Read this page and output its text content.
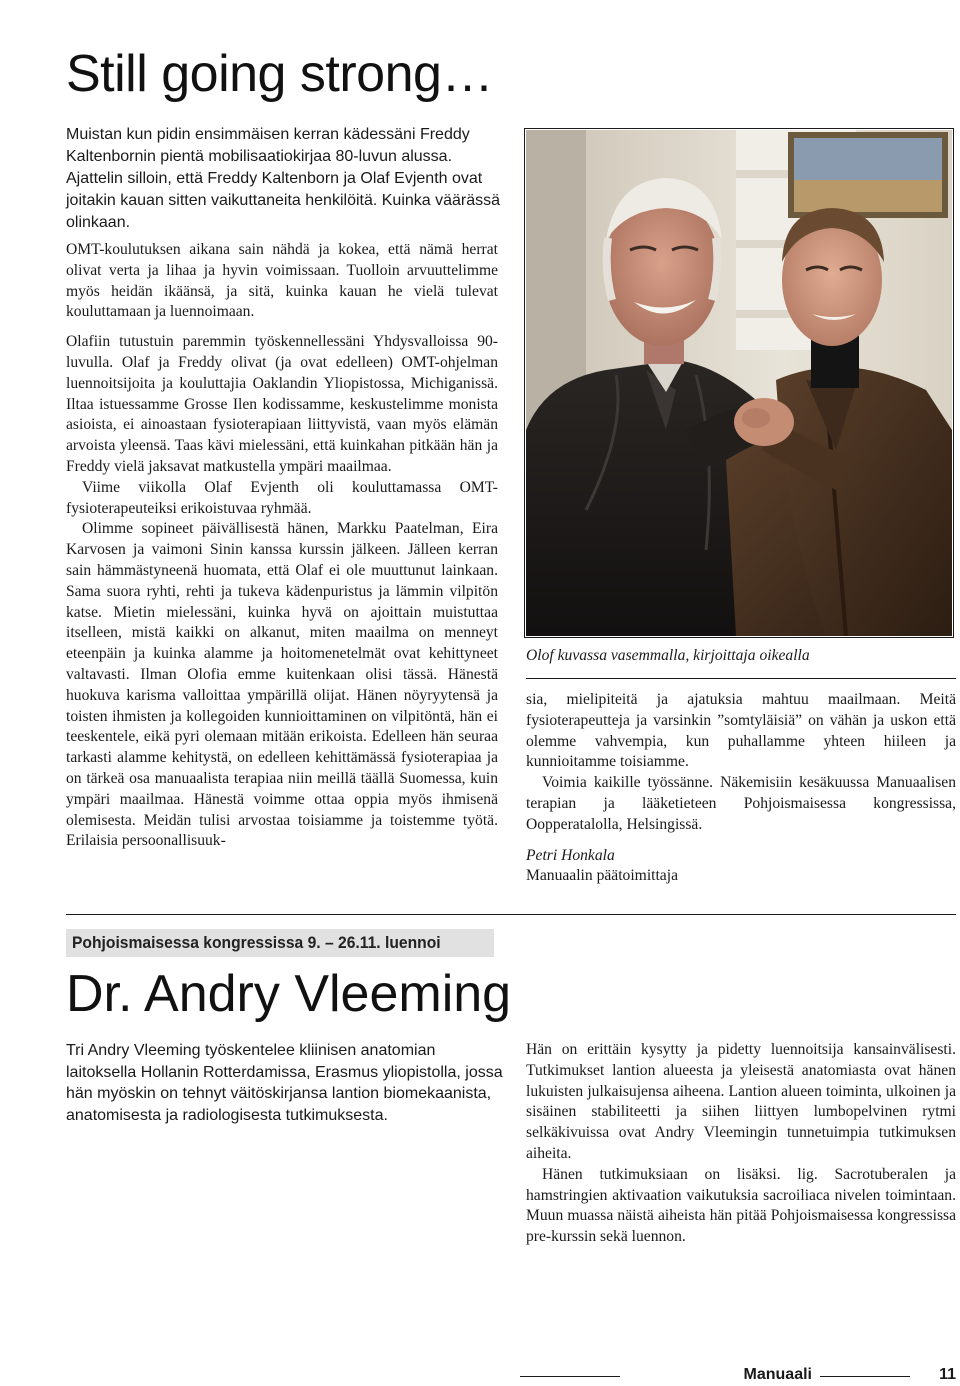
Still going strong…

Muistan kun pidin ensimmäisen kerran kädessäni Freddy Kaltenbornin pientä mobilisaatiokirjaa 80-luvun alussa. Ajattelin silloin, että Freddy Kaltenborn ja Olaf Evjenth ovat joitakin kauan sitten vaikuttaneita henkilöitä. Kuinka väärässä olinkaan.

OMT-koulutuksen aikana sain nähdä ja kokea, että nämä herrat olivat verta ja lihaa ja hyvin voimissaan. Tuolloin arvuuttelimme myös heidän ikäänsä, ja sitä, kuinka kauan he vielä tulevat kouluttamaan ja luennoimaan.

Olafiin tutustuin paremmin työskennellessäni Yhdysvalloissa 90-luvulla. Olaf ja Freddy olivat (ja ovat edelleen) OMT-ohjelman luennoitsijoita ja kouluttajia Oaklandin Yliopistossa, Michiganissä. Iltaa istuessamme Grosse Ilen kodissamme, keskustelimme monista asioista, ei ainoastaan fysioterapiaan liittyvistä, vaan myös elämän arvoista yleensä. Taas kävi mielessäni, että kuinkahan pitkään hän ja Freddy vielä jaksavat matkustella ympäri maailmaa.

Viime viikolla Olaf Evjenth oli kouluttamassa OMT-fysioterapeuteiksi erikoistuvaa ryhmää.

Olimme sopineet päivällisestä hänen, Markku Paatelman, Eira Karvosen ja vaimoni Sinin kanssa kurssin jälkeen. Jälleen kerran sain hämmästyneenä huomata, että Olaf ei ole muuttunut lainkaan. Sama suora ryhti, rehti ja tukeva kädenpuristus ja lämmin vilpitön katse. Mietin mielessäni, kuinka hyvä on ajoittain muistuttaa itselleen, mistä kaikki on alkanut, miten maailma on menneyt eteenpäin ja kuinka alamme ja hoitomenetelmät ovat kehittyneet valtavasti. Ilman Olofia emme kuitenkaan olisi tässä. Hänestä huokuva karisma valloittaa ympärillä olijat. Hänen nöyryytensä ja toisten ihmisten ja kollegoiden kunnioittaminen on vilpitöntä, hän ei teeskentele, eikä pyri olemaan mitään erikoista. Edelleen hän seuraa tarkasti alamme kehitystä, on edelleen kehittämässä fysioterapiaa ja on tärkeä osa manuaalista terapiaa niin meillä täällä Suomessa, kuin ympäri maailmaa. Hänestä voimme ottaa oppia myös ihmisenä olemisesta. Meidän tulisi arvostaa toisiamme ja toistemme työtä. Erilaisia persoonallisuuk-

Olof kuvassa vasemmalla, kirjoittaja oikealla

sia, mielipiteitä ja ajatuksia mahtuu maailmaan. Meitä fysioterapeutteja ja varsinkin ”somtyläisiä” on vähän ja uskon että olemme vahvempia, kun puhallamme yhteen hiileen ja kunnioitamme toisiamme.

Voimia kaikille työssänne. Näkemisiin kesäkuussa Manuaalisen terapian ja lääketieteen Pohjoismaisessa kongressissa, Oopperatalolla, Helsingissä.

Petri Honkala

Manuaalin päätoimittaja

Pohjoismaisessa kongressissa 9. – 26.11. luennoi
Dr. Andry Vleeming

Tri Andry Vleeming työskentelee kliinisen anatomian laitoksella Hollanin Rotterdamissa, Erasmus yliopistolla, jossa hän myöskin on tehnyt väitöskirjansa lantion biomekaanista, anatomisesta ja radiologisesta tutkimuksesta.

Hän on erittäin kysytty ja pidetty luennoitsija kansainvälisesti. Tutkimukset lantion alueesta ja yleisestä anatomiasta ovat hänen lukuisten julkaisujensa aiheena. Lantion alueen toiminta, ulkoinen ja sisäinen stabiliteetti ja siihen liittyen lumbopelvinen rytmi selkäkivuissa ovat Andry Vleemingin tunnetuimpia tutkimuksen aiheita.

Hänen tutkimuksiaan on lisäksi. lig. Sacrotuberalen ja hamstringien aktivaation vaikutuksia sacroiliaca nivelen toimintaan. Muun muassa näistä aiheista hän pitää Pohjoismaisessa kongressissa pre-kurssin sekä luennon.

Manuaali	11
